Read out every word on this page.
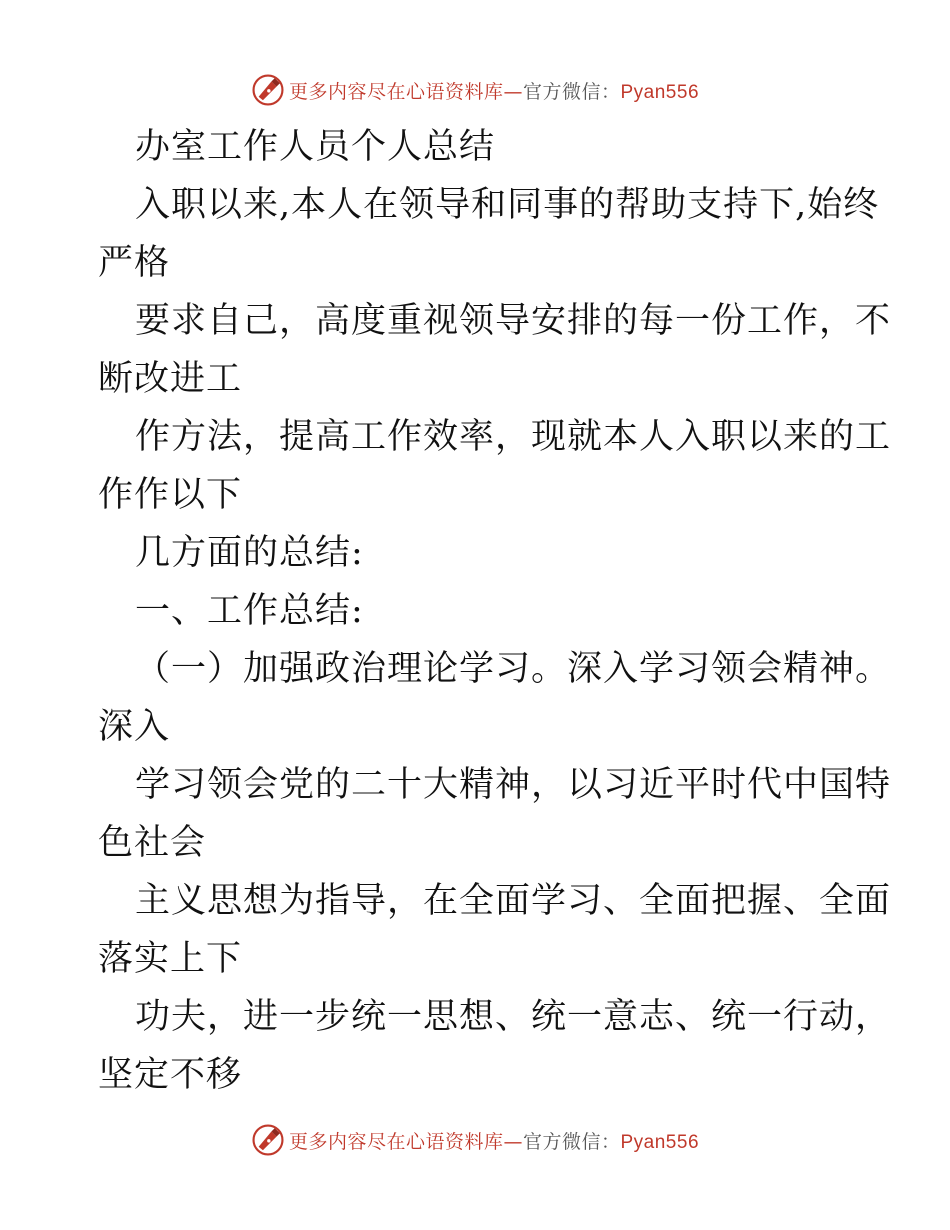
更多内容尽在心语资料库—官方微信：Pyan556
办室工作人员个人总结
入职以来,本人在领导和同事的帮助支持下,始终
严格
要求自己，高度重视领导安排的每一份工作，不
断改进工
作方法，提高工作效率，现就本人入职以来的工
作作以下
几方面的总结:
一、工作总结:
（一）加强政治理论学习。深入学习领会精神。
深入
学习领会党的二十大精神，以习近平时代中国特
色社会
主义思想为指导，在全面学习、全面把握、全面
落实上下
功夫，进一步统一思想、统一意志、统一行动，
坚定不移
更多内容尽在心语资料库—官方微信：Pyan556
